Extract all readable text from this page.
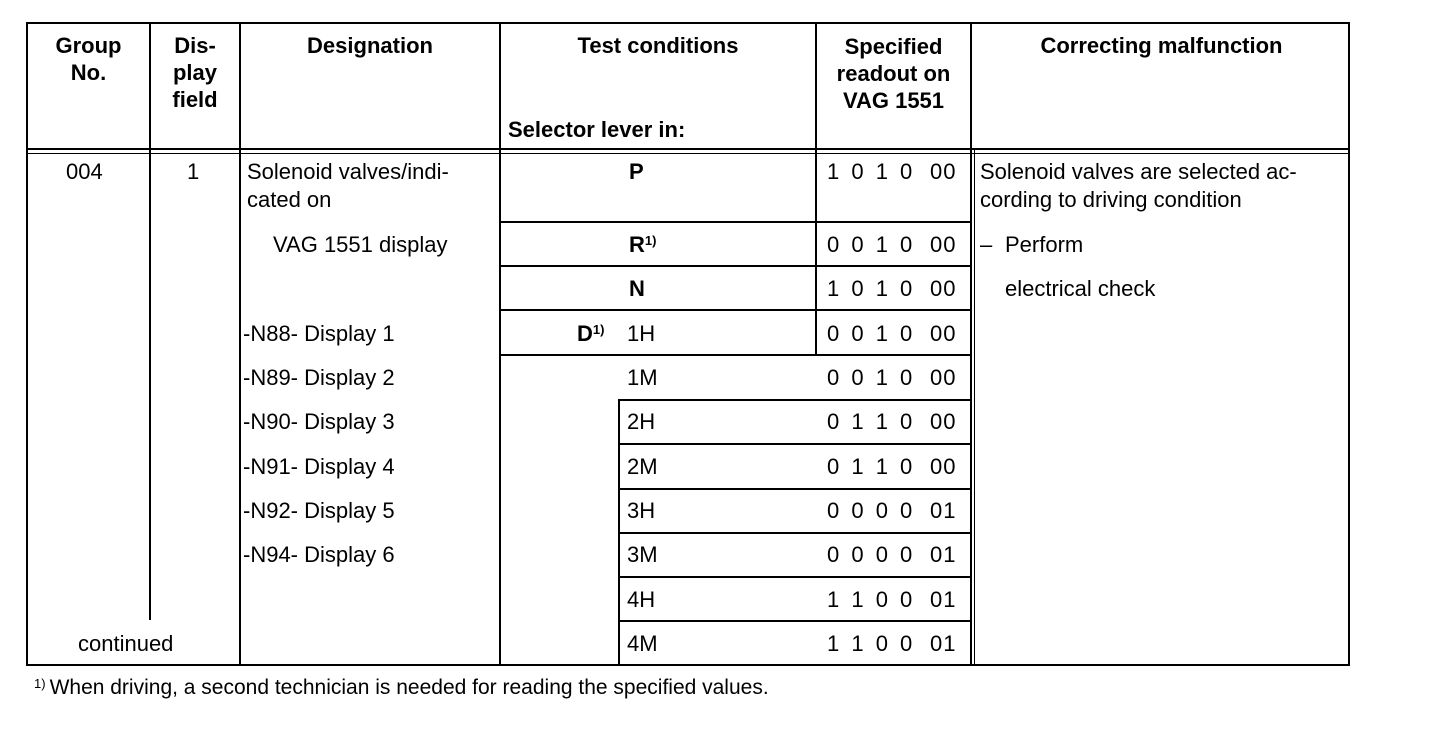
Group No.
Dis- play field
Designation	Test conditions
Selector lever in:
Specified readout on VAG 1551
Correcting malfunction
004	1
continued
Solenoid valves/indi-
cated on
VAG 1551 display
-N88- Display 1
-N89- Display 2
-N90- Display 3
-N91- Display 4
-N92- Display 5
-N94- Display 6
P
$R^{1)}$
N
$D^{1)}$ 1H
1M
2H
2M
3H
3M
4H
4M
1 0 1 0
0 0 1 0
1 0 1 0
0 0 1 0
0 0 1 0
0 1 1 0
0 1 1 0
0 0 0 0
0 0 0 0
1 1 0 0
1 1 0 0
00
00
00
00
00
00
00
01
01
01
01
Solenoid valves are selected ac-
cording to driving condition
– Perform
electrical check
$^{1)}$ When driving, a second technician is needed for reading the specified values.
